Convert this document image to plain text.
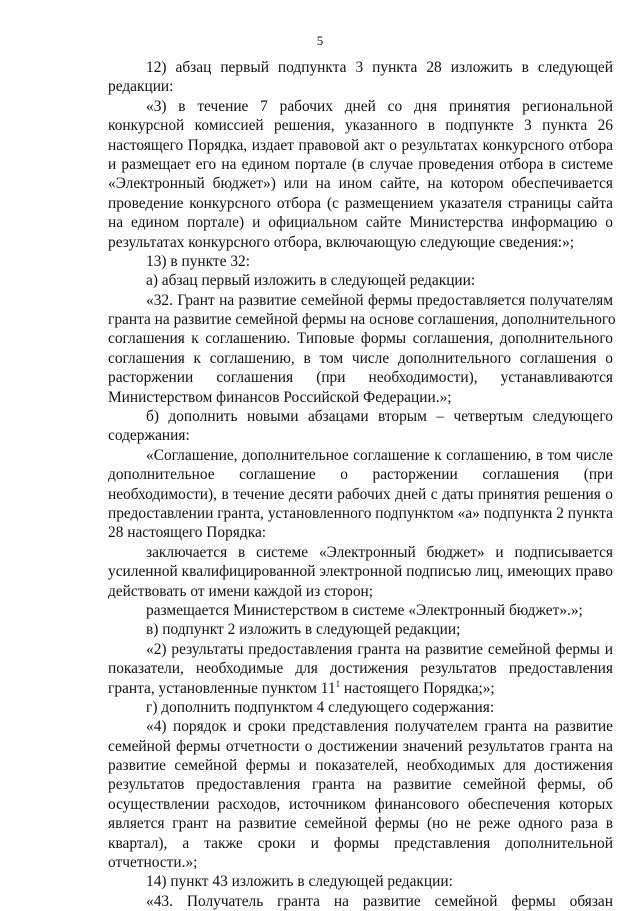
5
12) абзац первый подпункта 3 пункта 28 изложить в следующей
редакции:
«3) в течение 7 рабочих дней со дня принятия региональной
конкурсной комиссией решения, указанного в подпункте 3 пункта 26
настоящего Порядка, издает правовой акт о результатах конкурсного отбора
и размещает его на едином портале (в случае проведения отбора в системе
«Электронный бюджет») или на ином сайте, на котором обеспечивается
проведение конкурсного отбора (с размещением указателя страницы сайта
на едином портале) и официальном сайте Министерства информацию о
результатах конкурсного отбора, включающую следующие сведения:»;
13) в пункте 32:
а) абзац первый изложить в следующей редакции:
«32. Грант на развитие семейной фермы предоставляется получателям
гранта на развитие семейной фермы на основе соглашения, дополнительного
соглашения к соглашению. Типовые формы соглашения, дополнительного
соглашения к соглашению, в том числе дополнительного соглашения о
расторжении соглашения (при необходимости), устанавливаются
Министерством финансов Российской Федерации.»;
б) дополнить новыми абзацами вторым – четвертым следующего
содержания:
«Соглашение, дополнительное соглашение к соглашению, в том числе
дополнительное соглашение о расторжении соглашения (при
необходимости), в течение десяти рабочих дней с даты принятия решения о
предоставлении гранта, установленного подпунктом «а» подпункта 2 пункта
28 настоящего Порядка:
заключается в системе «Электронный бюджет» и подписывается
усиленной квалифицированной электронной подписью лиц, имеющих право
действовать от имени каждой из сторон;
размещается Министерством в системе «Электронный бюджет».»;
в) подпункт 2 изложить в следующей редакции;
«2) результаты предоставления гранта на развитие семейной фермы и
показатели, необходимые для достижения результатов предоставления
гранта, установленные пунктом $11^1$ настоящего Порядка;»;
г) дополнить подпунктом 4 следующего содержания:
«4) порядок и сроки представления получателем гранта на развитие
семейной фермы отчетности о достижении значений результатов гранта на
развитие семейной фермы и показателей, необходимых для достижения
результатов предоставления гранта на развитие семейной фермы, об
осуществлении расходов, источником финансового обеспечения которых
является грант на развитие семейной фермы (но не реже одного раза в
квартал), а также сроки и формы представления дополнительной
отчетности.»;
14) пункт 43 изложить в следующей редакции:
«43. Получатель гранта на развитие семейной фермы обязан
